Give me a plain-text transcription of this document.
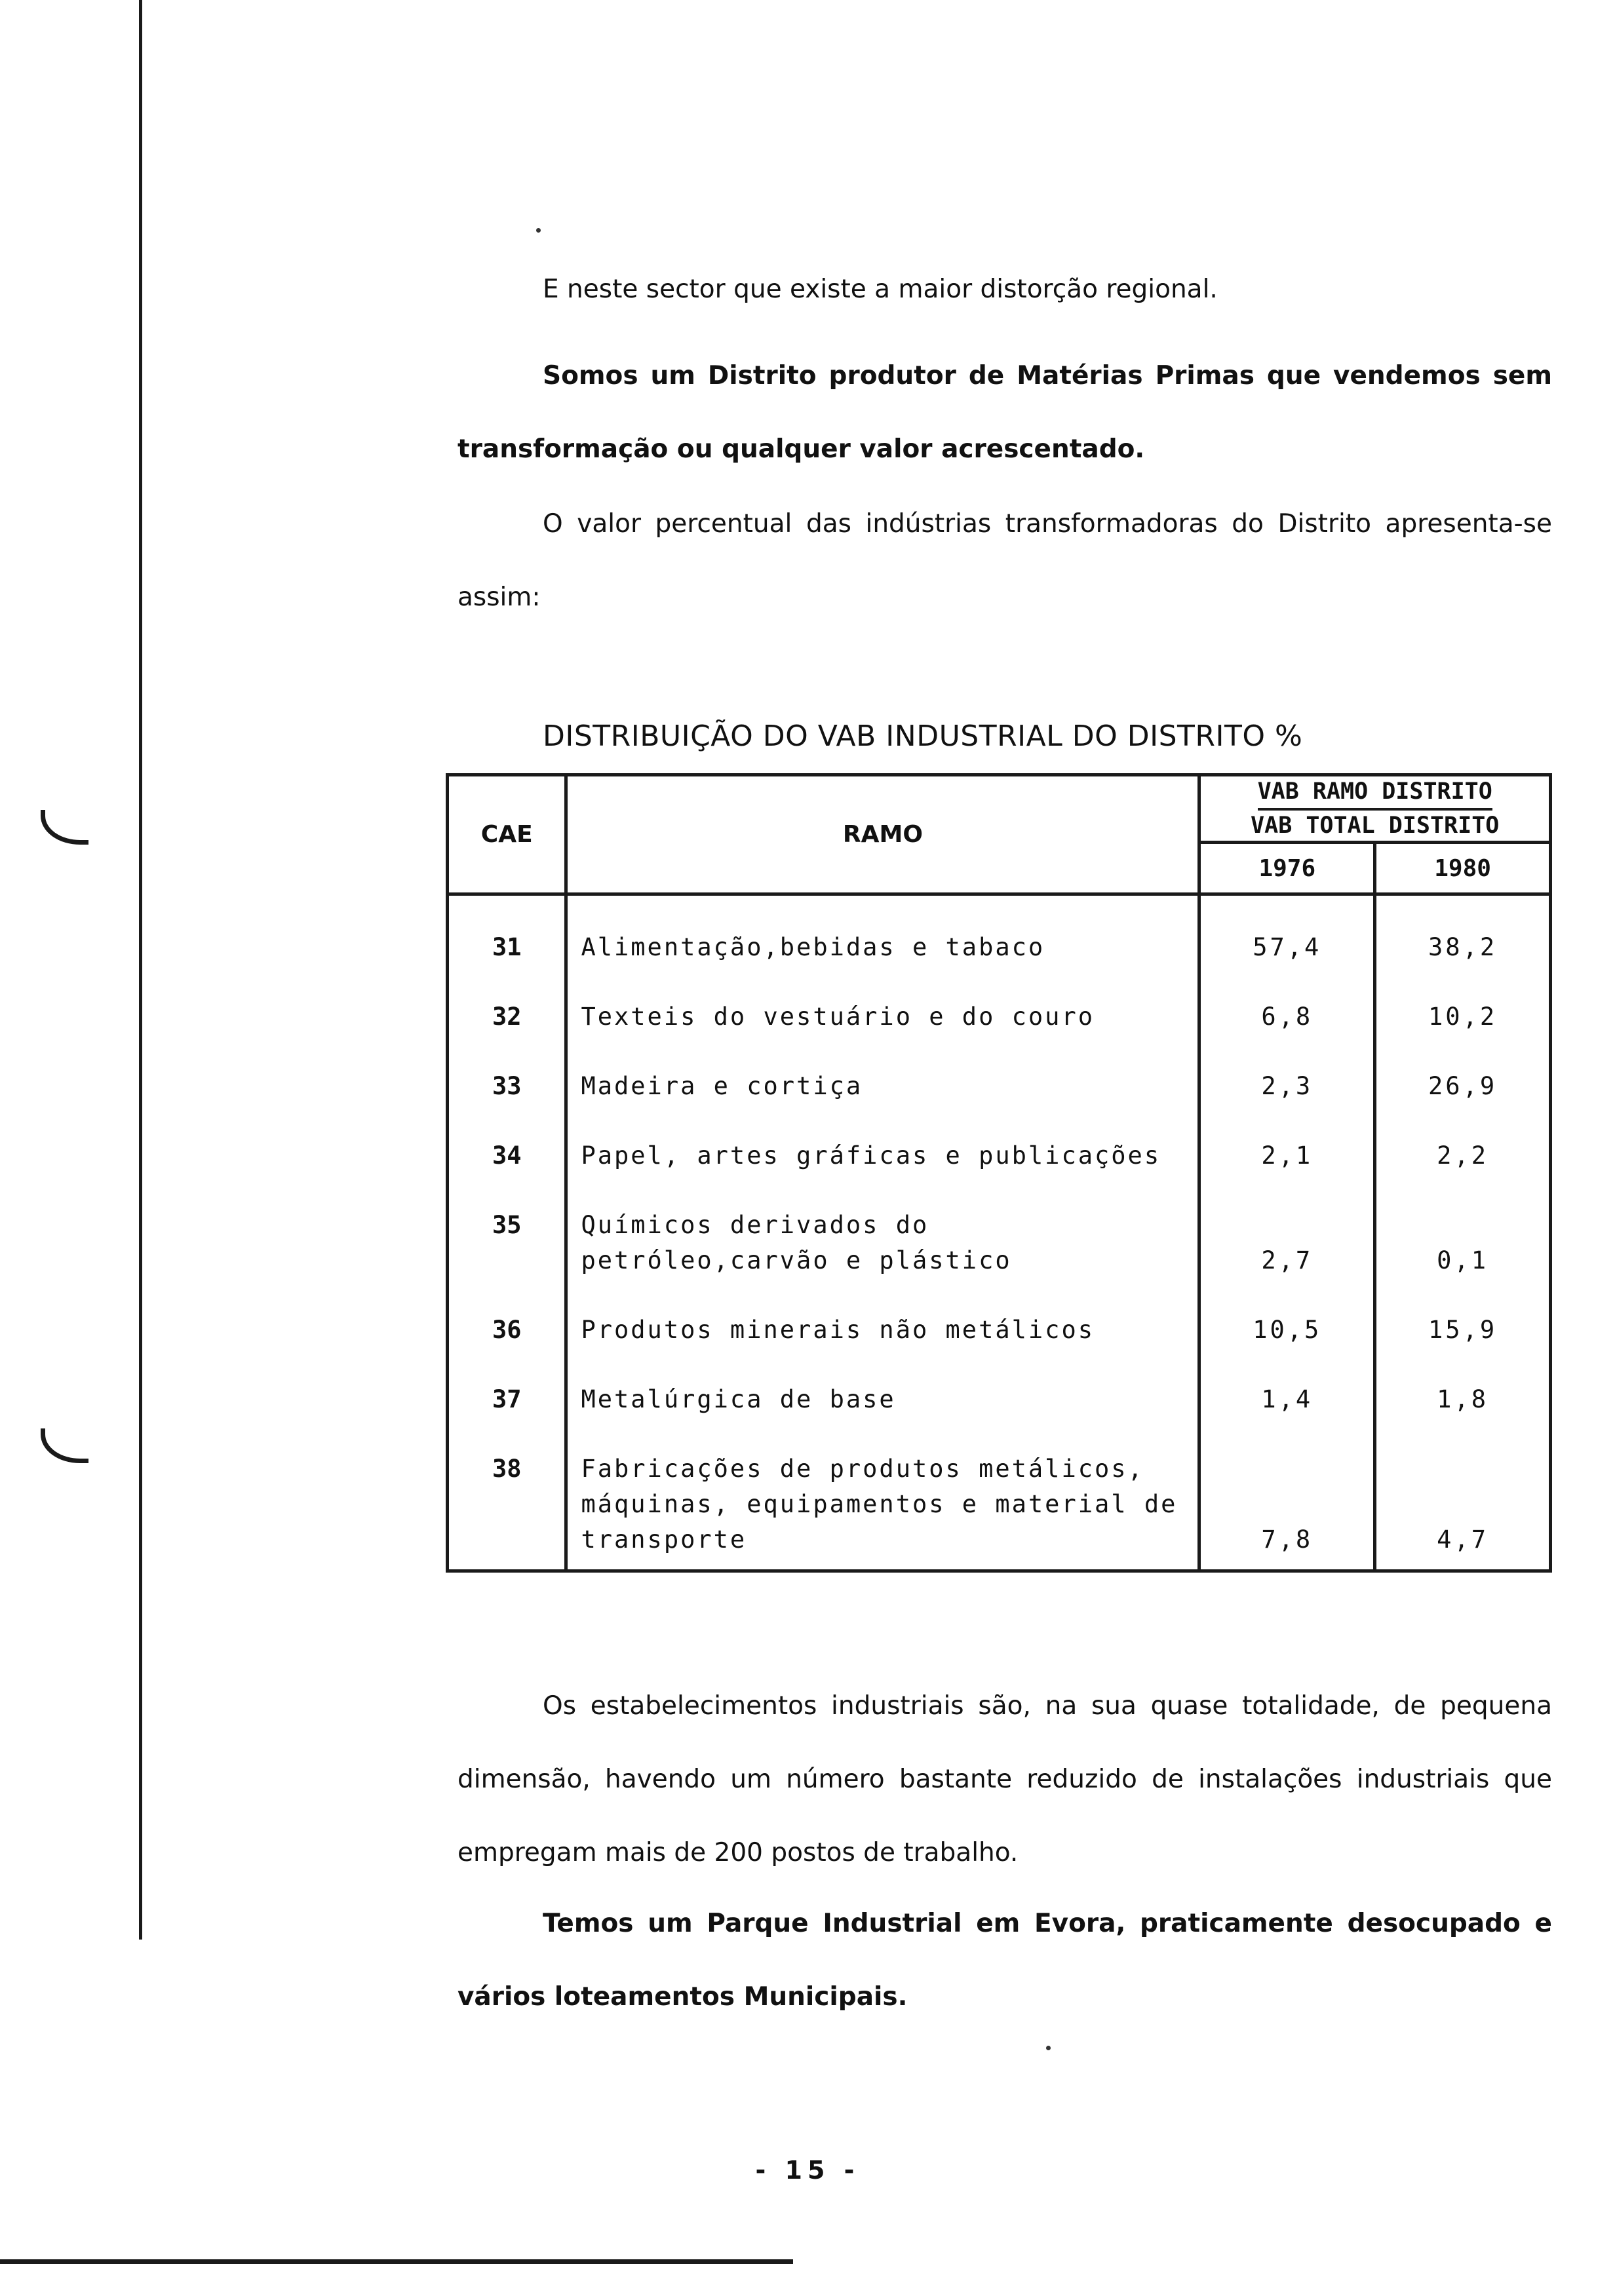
E neste sector que existe a maior distorção regional.

Somos um Distrito produtor de Matérias Primas que vendemos sem transformação ou qualquer valor acrescentado.

O valor percentual das indústrias transformadoras do Distrito apresenta-se assim:

DISTRIBUIÇÃO DO VAB INDUSTRIAL DO DISTRITO %
CAE	RAMO	VAB RAMO DISTRITO
VAB TOTAL DISTRITO	
		1976	1980
31	Alimentação,bebidas e tabaco	57,4	38,2
32	Texteis do vestuário e do couro	6,8	10,2
33	Madeira e cortiça	2,3	26,9
34	Papel, artes gráficas e publicações	2,1	2,2
35	Químicos derivados do petróleo,carvão e plástico	2,7	0,1
36	Produtos minerais não metálicos	10,5	15,9
37	Metalúrgica de base	1,4	1,8
38	Fabricações de produtos metálicos, máquinas, equipamentos e material de transporte	7,8	4,7

Os estabelecimentos industriais são, na sua quase totalidade, de pequena dimensão, havendo um número bastante reduzido de instalações industriais que empregam mais de 200 postos de trabalho.

Temos um Parque Industrial em Evora, praticamente desocupado e vários loteamentos Municipais.

- 15 -
